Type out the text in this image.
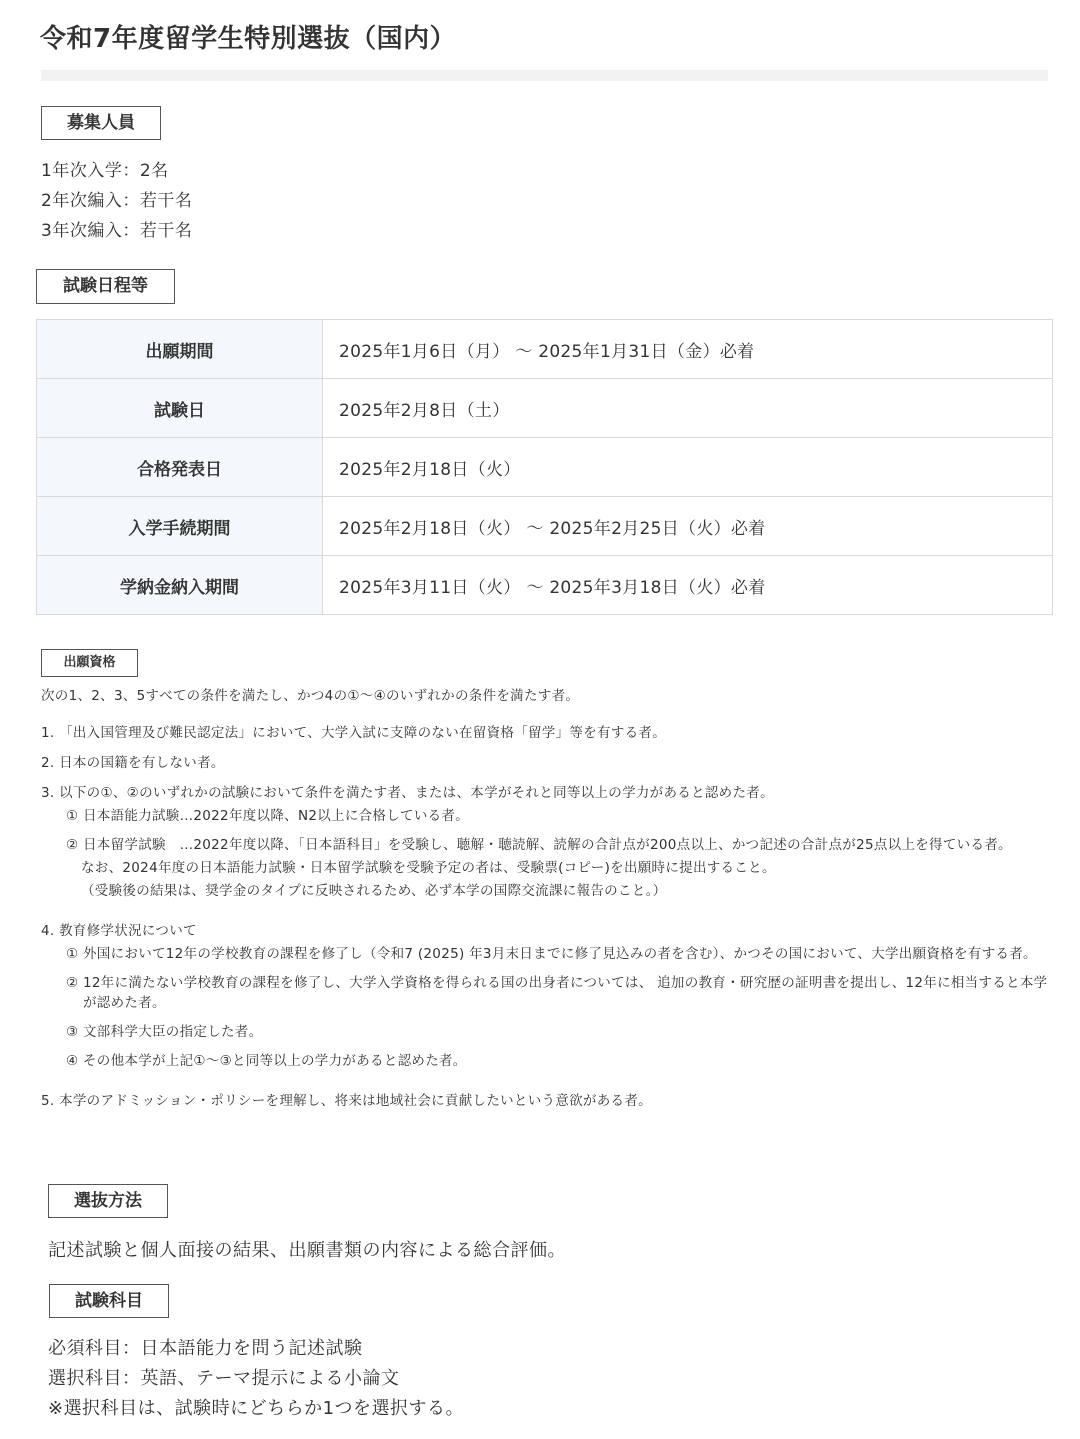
令和7年度留学生特別選抜（国内）
募集人員
1年次入学：2名
2年次編入：若干名
3年次編入：若干名
試験日程等
出願期間	2025年1月6日（月） ～ 2025年1月31日（金）必着
試験日	2025年2月8日（土）
合格発表日	2025年2月18日（火）
入学手続期間	2025年2月18日（火） ～ 2025年2月25日（火）必着
学納金納入期間	2025年3月11日（火） ～ 2025年3月18日（火）必着
出願資格

次の1、2、3、5すべての条件を満たし、かつ4の①～④のいずれかの条件を満たす者。

1. 「出入国管理及び難民認定法」において、大学入試に支障のない在留資格「留学」等を有する者。

2. 日本の国籍を有しない者。

3. 以下の①、②のいずれかの試験において条件を満たす者、または、本学がそれと同等以上の学力があると認めた者。

① 日本語能力試験…2022年度以降、N2以上に合格している者。

② 日本留学試験　…2022年度以降、「日本語科目」を受験し、聴解・聴読解、読解の合計点が200点以上、かつ記述の合計点が25点以上を得ている者。

なお、2024年度の日本語能力試験・日本留学試験を受験予定の者は、受験票(コピー)を出願時に提出すること。

（受験後の結果は、奨学金のタイプに反映されるため、必ず本学の国際交流課に報告のこと。）

4. 教育修学状況について

① 外国において12年の学校教育の課程を修了し（令和7 (2025) 年3月末日までに修了見込みの者を含む）、かつその国において、大学出願資格を有する者。

② 12年に満たない学校教育の課程を修了し、大学入学資格を得られる国の出身者については、 追加の教育・研究歴の証明書を提出し、12年に相当すると本学が認めた者。

③ 文部科学大臣の指定した者。

④ その他本学が上記①～③と同等以上の学力があると認めた者。

5. 本学のアドミッション・ポリシーを理解し、将来は地域社会に貢献したいという意欲がある者。

選抜方法
記述試験と個人面接の結果、出願書類の内容による総合評価。
試験科目
必須科目：日本語能力を問う記述試験
選択科目：英語、テーマ提示による小論文
※選択科目は、試験時にどちらか1つを選択する。
